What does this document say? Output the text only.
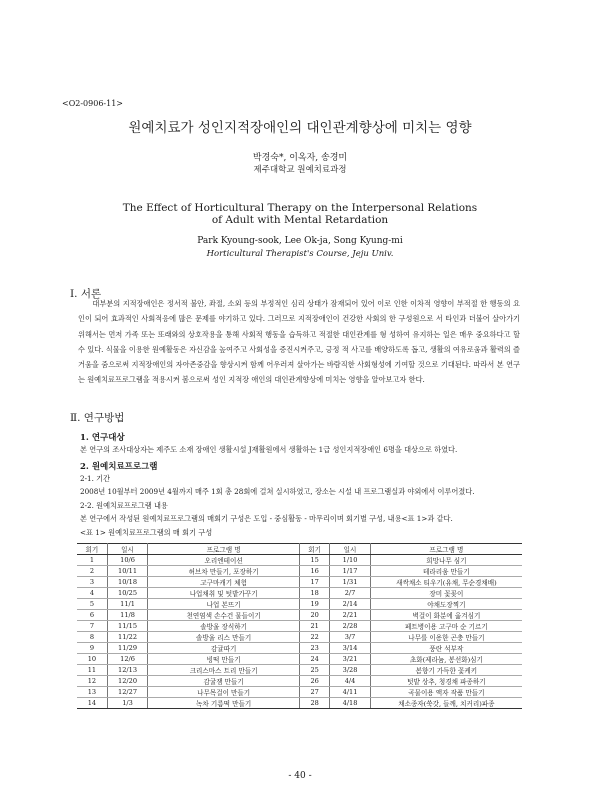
<O2-0906-11>
원예치료가 성인지적장애인의 대인관계향상에 미치는 영향
박경숙*, 이옥자, 송경미
제주대학교 원예치료과정
The Effect of Horticultural Therapy on the Interpersonal Relations
of Adult with Mental Retardation
Park Kyoung-sook, Lee Ok-ja, Song Kyung-mi
Horticultural Therapist's Course, Jeju Univ.
Ⅰ. 서론
대부분의 지적장애인은 정서적 불안, 좌절, 소외 등의 부정적인 심리 상태가 잠재되어 있어 이로 인한 이차적 영향이 부적절 한 행동의 요인이 되어 효과적인 사회적응에 많은 문제를 야기하고 있다. 그러므로 지적장애인이 건강한 사회의 한 구성원으로 서 타인과 더불어 살아가기 위해서는 먼저 가족 또는 또래와의 상호작용을 통해 사회적 행동을 습득하고 적절한 대인관계를 형 성하여 유지하는 일은 매우 중요하다고 할 수 있다. 식물을 이용한 원예활동은 자신감을 높여주고 사회성을 증진시켜주고, 긍정 적 사고를 배양하도록 돕고, 생활의 여유로움과 활력의 즐거움을 줌으로써 지적장애인의 자아존중감을 향상시켜 함께 어우러져 살아가는 바람직한 사회형성에 기여할 것으로 기대된다. 따라서 본 연구는 원예치료프로그램을 적용시켜 봄으로써 성인 지적장 애인의 대인관계향상에 미치는 영향을 알아보고자 한다.
Ⅱ. 연구방법
1. 연구대상
본 연구의 조사대상자는 제주도 소재 장애인 생활시설 J재활원에서 생활하는 1급 성인지적장애인 6명을 대상으로 하였다.
2. 원예치료프로그램
2-1. 기간
2008년 10월부터 2009년 4월까지 매주 1회 총 28회에 걸쳐 실시하였고, 장소는 시설 내 프로그램실과 야외에서 이루어졌다.
2-2. 원예치료프로그램 내용
본 연구에서 작성된 원예치료프로그램의 매회기 구성은 도입 - 중심활동 - 마무리이며 회기별 구성, 내용<표 1>과 같다.
<표 1> 원예치료프로그램의 매 회기 구성
회기	일시	프로그램 명	회기	일시	프로그램 명
1	10/6	오리엔테이션	15	1/10	희망나무 심기
2	10/11	허브차 만들기, 포장하기	16	1/17	테라리움 만들기
3	10/18	고구마캐기 체험	17	1/31	새싹채소 티우기(유채, 무순경채배)
4	10/25	나업채취 및 텃밭가꾸기	18	2/7	장미 꽃꽂이
5	11/1	나업 본뜨기	19	2/14	야채도장찍기
6	11/8	천연염색 손수건 물들이기	20	2/21	벽걸이 화분에 옮겨심기
7	11/15	솔방울 장식하기	21	2/28	페트병이용 고구마 순 기르기
8	11/22	솔방울 리스 만들기	22	3/7	나무를 이용한 곤충 만들기
9	11/29	감귤따기	23	3/14	풍란 석부작
10	12/6	빙떡 만들기	24	3/21	초화(제라늄, 봉선화)심기
11	12/13	크리스마스 트리 만들기	25	3/28	봄향기 가득한 꽃케키
12	12/20	감귤잼 만들기	26	4/4	텃밭 상추, 청경채 파종하기
13	12/27	나무목걸이 만들기	27	4/11	곡물이용 액자 작품 만들기
14	1/3	녹차 기름떡 만들기	28	4/18	채소종자(쑥갓, 들깨, 치커리)파종
- 40 -
